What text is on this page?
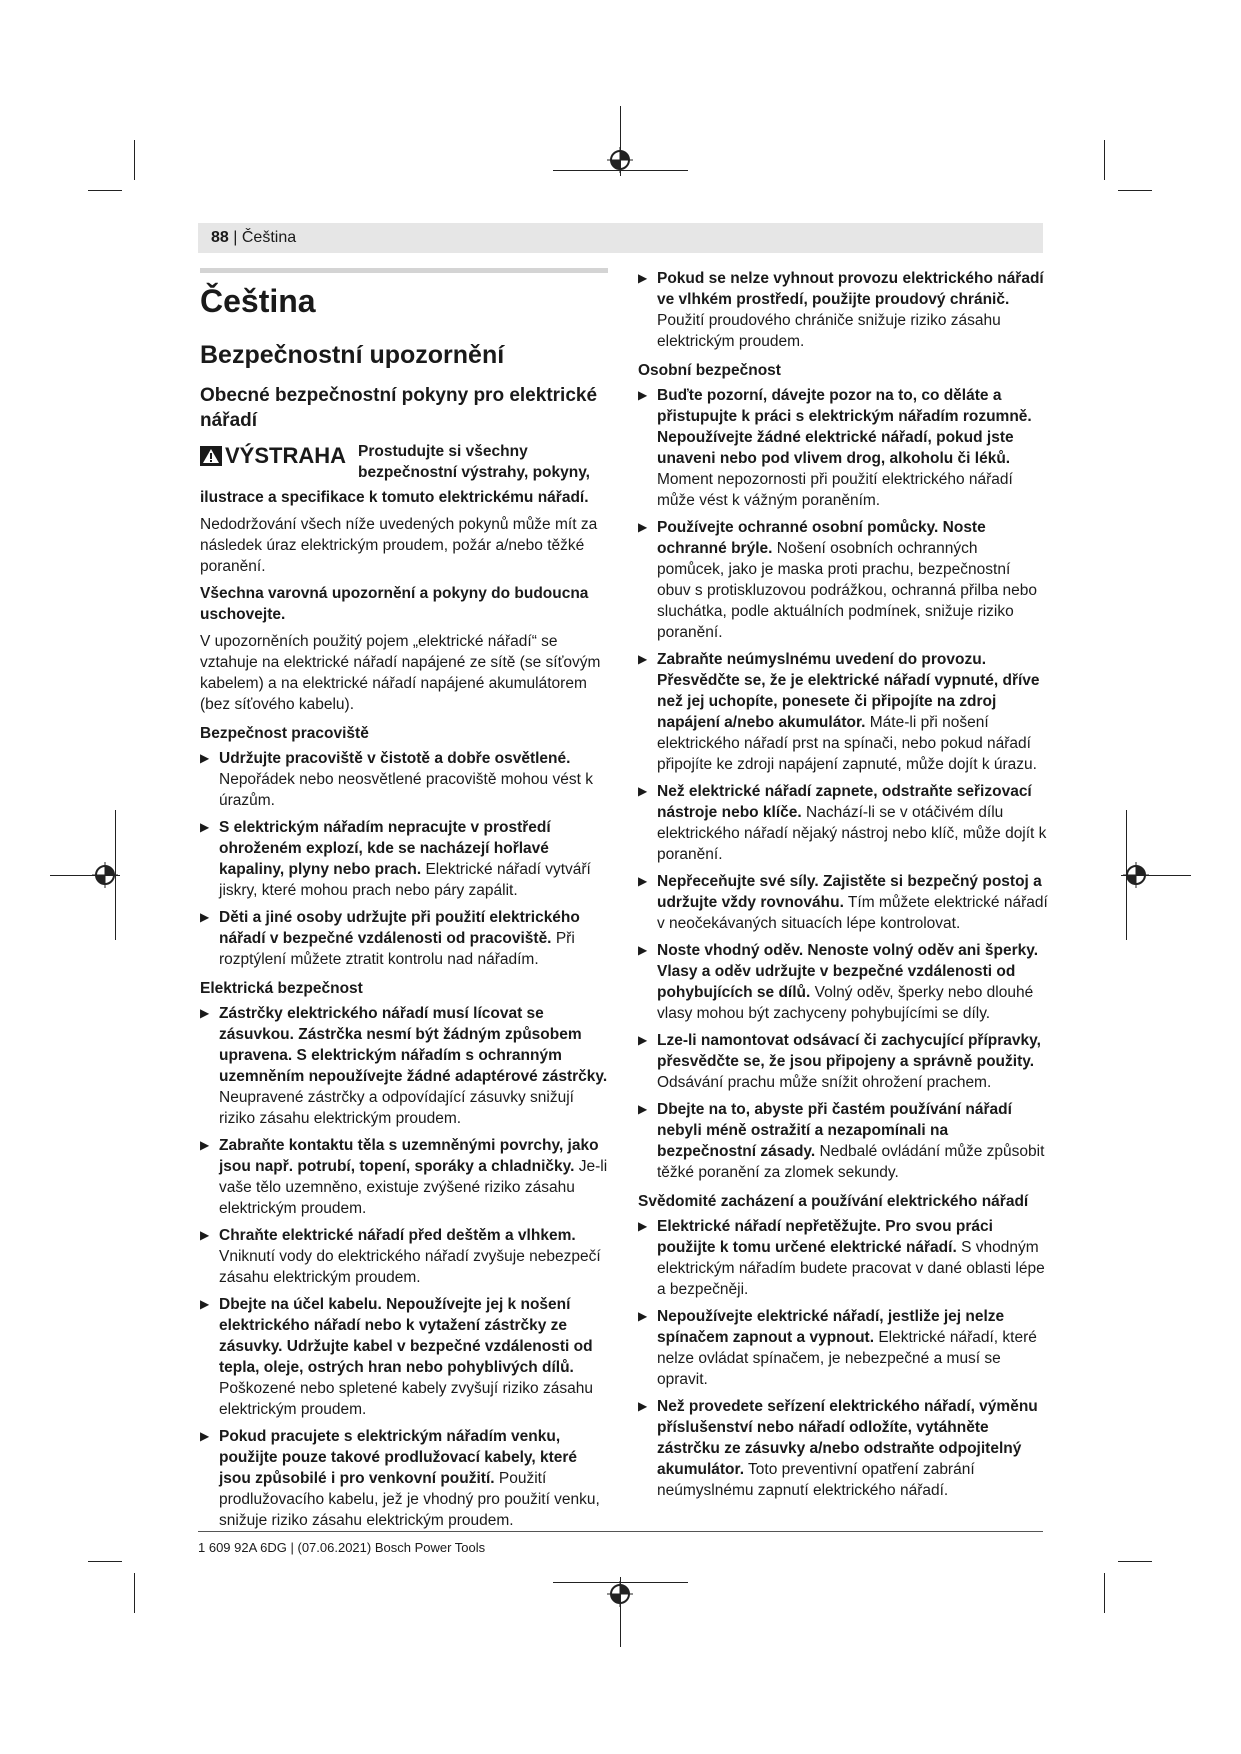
88 | Čeština
Čeština
Bezpečnostní upozornění
Obecné bezpečnostní pokyny pro elektrické nářadí
VÝSTRAHA Prostudujte si všechny bezpečnostní výstrahy, pokyny,

ilustrace a specifikace k tomuto elektrickému nářadí.

Nedodržování všech níže uvedených pokynů může mít za následek úraz elektrickým proudem, požár a/nebo těžké poranění.

Všechna varovná upozornění a pokyny do budoucna uschovejte.

V upozorněních použitý pojem „elektrické nářadí“ se vztahuje na elektrické nářadí napájené ze sítě (se síťovým kabelem) a na elektrické nářadí napájené akumulátorem (bez síťového kabelu).

Bezpečnost pracoviště
▶ Udržujte pracoviště v čistotě a dobře osvětlené. Nepořádek nebo neosvětlené pracoviště mohou vést k úrazům.
▶ S elektrickým nářadím nepracujte v prostředí ohroženém explozí, kde se nacházejí hořlavé kapaliny, plyny nebo prach. Elektrické nářadí vytváří jiskry, které mohou prach nebo páry zapálit.
▶ Děti a jiné osoby udržujte při použití elektrického nářadí v bezpečné vzdálenosti od pracoviště. Při rozptýlení můžete ztratit kontrolu nad nářadím.
Elektrická bezpečnost
▶ Zástrčky elektrického nářadí musí lícovat se zásuvkou. Zástrčka nesmí být žádným způsobem upravena. S elektrickým nářadím s ochranným uzemněním nepoužívejte žádné adaptérové zástrčky. Neupravené zástrčky a odpovídající zásuvky snižují riziko zásahu elektrickým proudem.
▶ Zabraňte kontaktu těla s uzemněnými povrchy, jako jsou např. potrubí, topení, sporáky a chladničky. Je-li vaše tělo uzemněno, existuje zvýšené riziko zásahu elektrickým proudem.
▶ Chraňte elektrické nářadí před deštěm a vlhkem. Vniknutí vody do elektrického nářadí zvyšuje nebezpečí zásahu elektrickým proudem.
▶ Dbejte na účel kabelu. Nepoužívejte jej k nošení elektrického nářadí nebo k vytažení zástrčky ze zásuvky. Udržujte kabel v bezpečné vzdálenosti od tepla, oleje, ostrých hran nebo pohyblivých dílů. Poškozené nebo spletené kabely zvyšují riziko zásahu elektrickým proudem.
▶ Pokud pracujete s elektrickým nářadím venku, použijte pouze takové prodlužovací kabely, které jsou způsobilé i pro venkovní použití. Použití prodlužovacího kabelu, jež je vhodný pro použití venku, snižuje riziko zásahu elektrickým proudem.
▶ Pokud se nelze vyhnout provozu elektrického nářadí ve vlhkém prostředí, použijte proudový chránič. Použití proudového chrániče snižuje riziko zásahu elektrickým proudem.
Osobní bezpečnost
▶ Buďte pozorní, dávejte pozor na to, co děláte a přistupujte k práci s elektrickým nářadím rozumně. Nepoužívejte žádné elektrické nářadí, pokud jste unaveni nebo pod vlivem drog, alkoholu či léků. Moment nepozornosti při použití elektrického nářadí může vést k vážným poraněním.
▶ Používejte ochranné osobní pomůcky. Noste ochranné brýle. Nošení osobních ochranných pomůcek, jako je maska proti prachu, bezpečnostní obuv s protiskluzovou podrážkou, ochranná přilba nebo sluchátka, podle aktuálních podmínek, snižuje riziko poranění.
▶ Zabraňte neúmyslnému uvedení do provozu. Přesvědčte se, že je elektrické nářadí vypnuté, dříve než jej uchopíte, ponesete či připojíte na zdroj napájení a/nebo akumulátor. Máte-li při nošení elektrického nářadí prst na spínači, nebo pokud nářadí připojíte ke zdroji napájení zapnuté, může dojít k úrazu.
▶ Než elektrické nářadí zapnete, odstraňte seřizovací nástroje nebo klíče. Nachází-li se v otáčivém dílu elektrického nářadí nějaký nástroj nebo klíč, může dojít k poranění.
▶ Nepřeceňujte své síly. Zajistěte si bezpečný postoj a udržujte vždy rovnováhu. Tím můžete elektrické nářadí v neočekávaných situacích lépe kontrolovat.
▶ Noste vhodný oděv. Nenoste volný oděv ani šperky. Vlasy a oděv udržujte v bezpečné vzdálenosti od pohybujících se dílů. Volný oděv, šperky nebo dlouhé vlasy mohou být zachyceny pohybujícími se díly.
▶ Lze-li namontovat odsávací či zachycující přípravky, přesvědčte se, že jsou připojeny a správně použity. Odsávání prachu může snížit ohrožení prachem.
▶ Dbejte na to, abyste při častém používání nářadí nebyli méně ostražití a nezapomínali na bezpečnostní zásady. Nedbalé ovládání může způsobit těžké poranění za zlomek sekundy.
Svědomité zacházení a používání elektrického nářadí
▶ Elektrické nářadí nepřetěžujte. Pro svou práci použijte k tomu určené elektrické nářadí. S vhodným elektrickým nářadím budete pracovat v dané oblasti lépe a bezpečněji.
▶ Nepoužívejte elektrické nářadí, jestliže jej nelze spínačem zapnout a vypnout. Elektrické nářadí, které nelze ovládat spínačem, je nebezpečné a musí se opravit.
▶ Než provedete seřízení elektrického nářadí, výměnu příslušenství nebo nářadí odložíte, vytáhněte zástrčku ze zásuvky a/nebo odstraňte odpojitelný akumulátor. Toto preventivní opatření zabrání neúmyslnému zapnutí elektrického nářadí.
1 609 92A 6DG | (07.06.2021) Bosch Power Tools
